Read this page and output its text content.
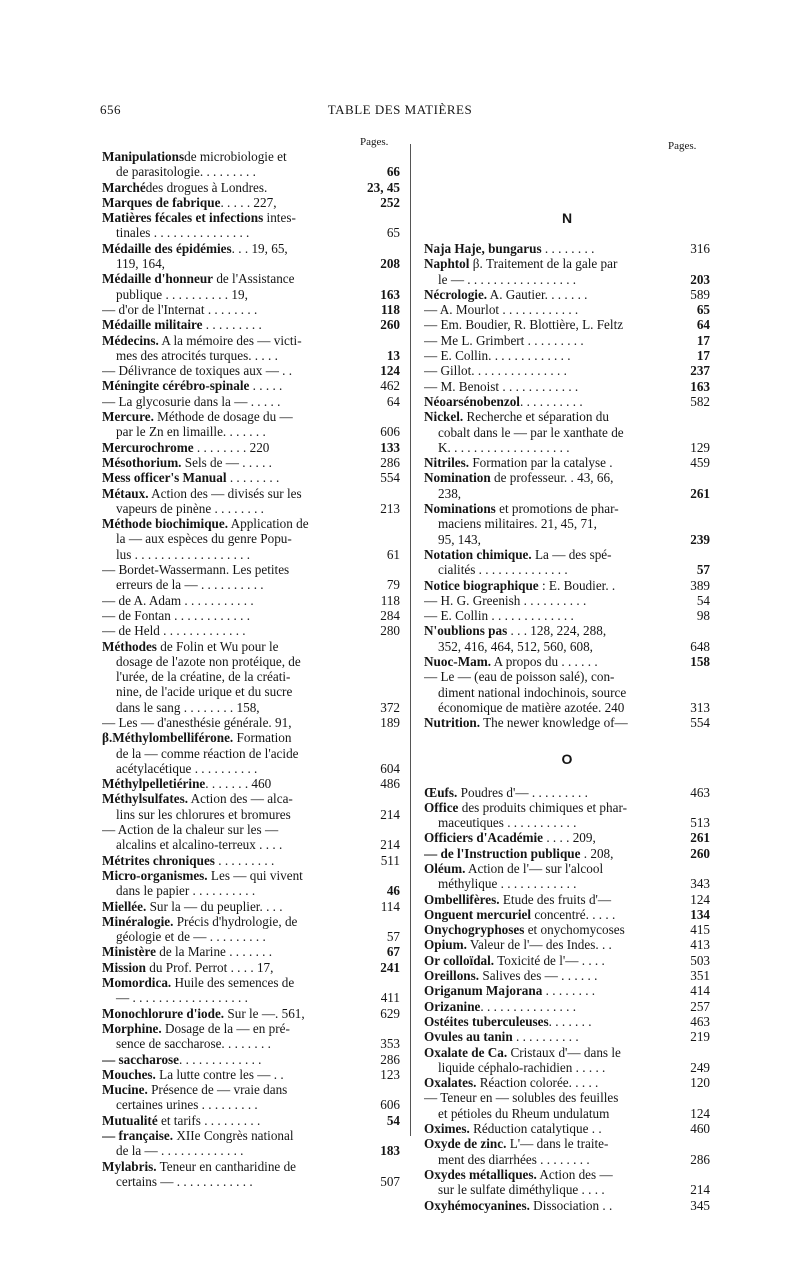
656	TABLE DES MATIÈRES
Pages.	Pages.
Manipulationsde microbiologie et
de parasitologie. . . . . . . . .	66
Marchédes drogues à Londres.	23, 45
Marques de fabrique. . . . . 227,	252
Matières fécales et infections intes-
tinales . . . . . . . . . . . . . . .	65
Médaille des épidémies. . . 19, 65,
119, 164,	208
Médaille d'honneur de l'Assistance
publique . . . . . . . . . . 19,	163
— d'or de l'Internat . . . . . . . .	118
Médaille militaire . . . . . . . . .	260
Médecins. A la mémoire des — victi-
mes des atrocités turques. . . . .	13
— Délivrance de toxiques aux — . .	124
Méningite cérébro-spinale . . . . .	462
— La glycosurie dans la — . . . . .	64
Mercure. Méthode de dosage du —
par le Zn en limaille. . . . . . .	606
Mercurochrome . . . . . . . . 220	133
Mésothorium. Sels de — . . . . .	286
Mess officer's Manual . . . . . . . .	554
Métaux. Action des — divisés sur les
vapeurs de pinène . . . . . . . .	213
Méthode biochimique. Application de
la — aux espèces du genre Popu-
lus . . . . . . . . . . . . . . . . . .	61
— Bordet-Wassermann. Les petites
erreurs de la — . . . . . . . . . .	79
— de A. Adam . . . . . . . . . . .	118
— de Fontan . . . . . . . . . . . .	284
— de Held . . . . . . . . . . . . .	280
Méthodes de Folin et Wu pour le
dosage de l'azote non protéique, de
l'urée, de la créatine, de la créati-
nine, de l'acide urique et du sucre
dans le sang . . . . . . . . 158,	372
— Les — d'anesthésie générale. 91,	189
β.Méthylombelliférone. Formation
de la — comme réaction de l'acide
acétylacétique . . . . . . . . . .	604
Méthylpelletiérine. . . . . . . 460	486
Méthylsulfates. Action des — alca-
lins sur les chlorures et bromures	214
— Action de la chaleur sur les —
alcalins et alcalino-terreux . . . .	214
Métrites chroniques . . . . . . . . .	511
Micro-organismes. Les — qui vivent
dans le papier . . . . . . . . . .	46
Miellée. Sur la — du peuplier. . . .	114
Minéralogie. Précis d'hydrologie, de
géologie et de — . . . . . . . . .	57
Ministère de la Marine . . . . . . .	67
Mission du Prof. Perrot . . . . 17,	241
Momordica. Huile des semences de
— . . . . . . . . . . . . . . . . . .	411
Monochlorure d'iode. Sur le —. 561,	629
Morphine. Dosage de la — en pré-
sence de saccharose. . . . . . . .	353
— saccharose. . . . . . . . . . . . .	286
Mouches. La lutte contre les — . .	123
Mucine. Présence de — vraie dans
certaines urines . . . . . . . . .	606
Mutualité et tarifs . . . . . . . . .	54
— française. XIIe Congrès national
de la — . . . . . . . . . . . . .	183
Mylabris. Teneur en cantharidine de
certains — . . . . . . . . . . . .	507
N
Naja Haje, bungarus . . . . . . . .	316
Naphtol β. Traitement de la gale par
le — . . . . . . . . . . . . . . . . .	203
Nécrologie. A. Gautier. . . . . . .	589
— A. Mourlot . . . . . . . . . . . .	65
— Em. Boudier, R. Blottière, L. Feltz	64
— Me L. Grimbert . . . . . . . . .	17
— E. Collin. . . . . . . . . . . . .	17
— Gillot. . . . . . . . . . . . . . .	237
— M. Benoist . . . . . . . . . . . .	163
Néoarsénobenzol. . . . . . . . . .	582
Nickel. Recherche et séparation du
cobalt dans le — par le xanthate de
K. . . . . . . . . . . . . . . . . . .	129
Nitriles. Formation par la catalyse .	459
Nomination de professeur. . 43, 66,
238,	261
Nominations et promotions de phar-
maciens militaires. 21, 45, 71,
95, 143,	239
Notation chimique. La — des spé-
cialités . . . . . . . . . . . . . .	57
Notice biographique : E. Boudier. .	389
— H. G. Greenish . . . . . . . . . .	54
— E. Collin . . . . . . . . . . . . .	98
N'oublions pas . . . 128, 224, 288,
352, 416, 464, 512, 560, 608,	648
Nuoc-Mam. A propos du . . . . . .	158
— Le — (eau de poisson salé), con-
diment national indochinois, source
économique de matière azotée. 240	313
Nutrition. The newer knowledge of—	554
O
Œufs. Poudres d'— . . . . . . . . .	463
Office des produits chimiques et phar-
maceutiques . . . . . . . . . . .	513
Officiers d'Académie . . . . 209,	261
— de l'Instruction publique . 208,	260
Oléum. Action de l'— sur l'alcool
méthylique . . . . . . . . . . . .	343
Ombellifères. Etude des fruits d'—	124
Onguent mercuriel concentré. . . . .	134
Onychogryphoses et onychomycoses	415
Opium. Valeur de l'— des Indes. . .	413
Or colloïdal. Toxicité de l'— . . . .	503
Oreillons. Salives des — . . . . . .	351
Origanum Majorana . . . . . . . .	414
Orizanine. . . . . . . . . . . . . . .	257
Ostéites tuberculeuses. . . . . . .	463
Ovules au tanin . . . . . . . . . .	219
Oxalate de Ca. Cristaux d'— dans le
liquide céphalo-rachidien . . . . .	249
Oxalates. Réaction colorée. . . . .	120
— Teneur en — solubles des feuilles
et pétioles du Rheum undulatum	124
Oximes. Réduction catalytique . .	460
Oxyde de zinc. L'— dans le traite-
ment des diarrhées . . . . . . . .	286
Oxydes métalliques. Action des —
sur le sulfate diméthylique . . . .	214
Oxyhémocyanines. Dissociation . .	345
